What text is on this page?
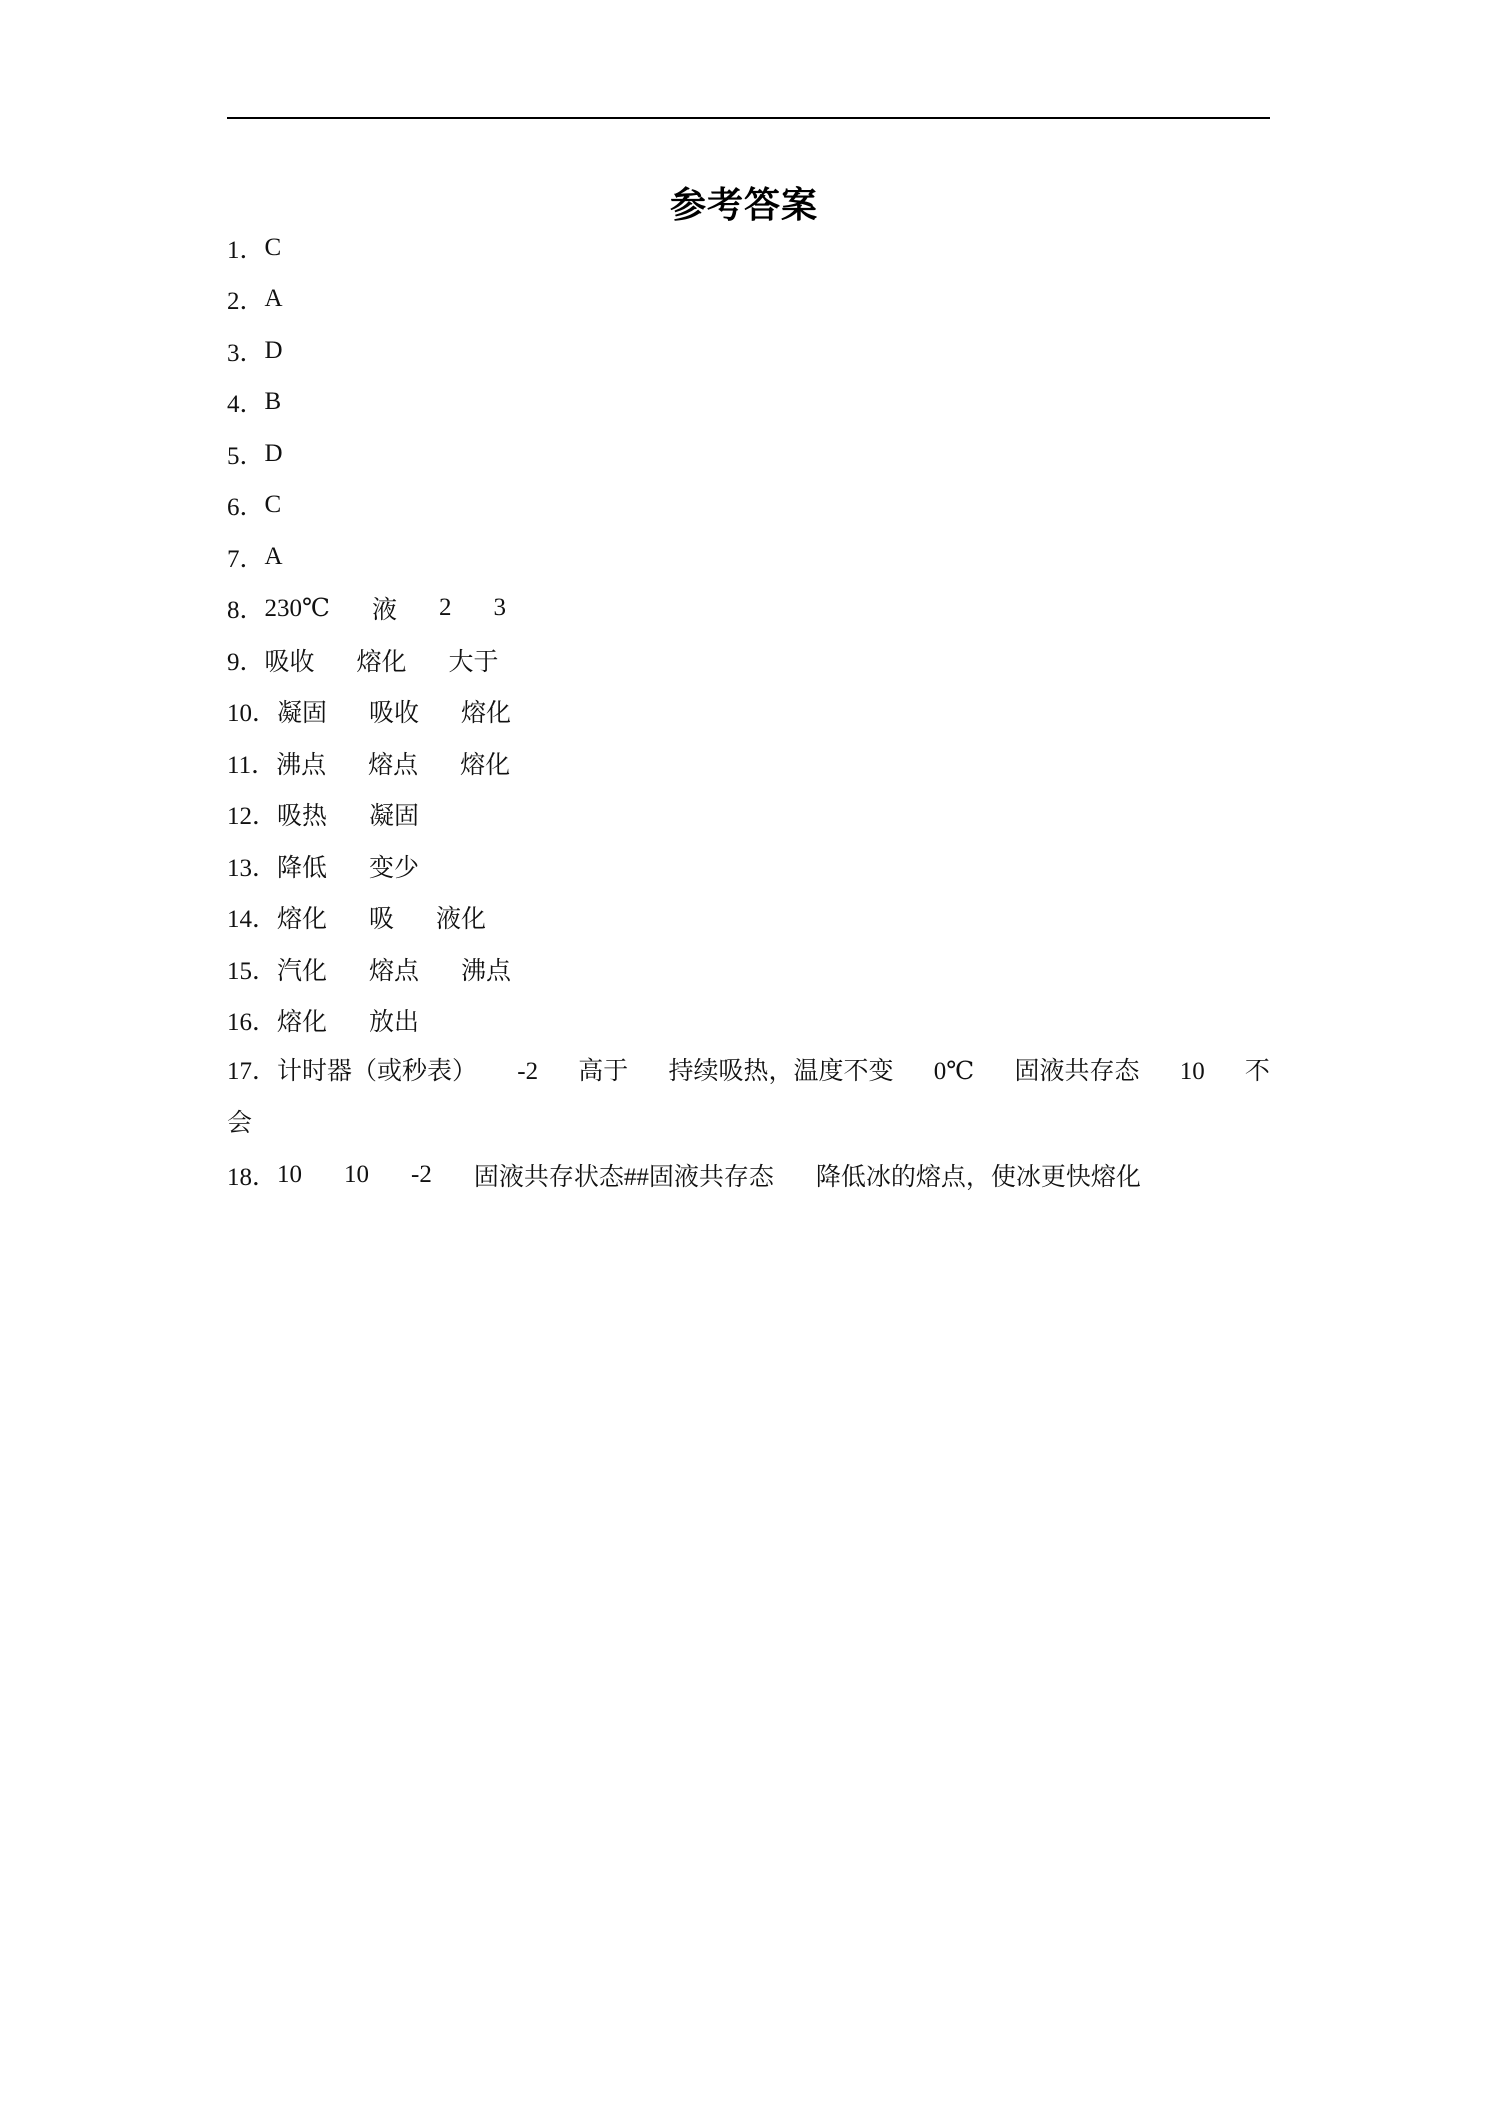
参考答案
1． C
2． A
3． D
4． B
5． D
6． C
7． A
8． 230℃ 液 2 3
9． 吸收 熔化 大于
10． 凝固 吸收 熔化
11． 沸点 熔点 熔化
12． 吸热 凝固
13． 降低 变少
14． 熔化 吸 液化
15． 汽化 熔点 沸点
16． 熔化 放出
17．计时器（或秒表） -2 高于 持续吸热，温度不变 0℃ 固液共存态 10 不
会
18． 10 10 -2 固液共存状态##固液共存态 降低冰的熔点，使冰更快熔化
